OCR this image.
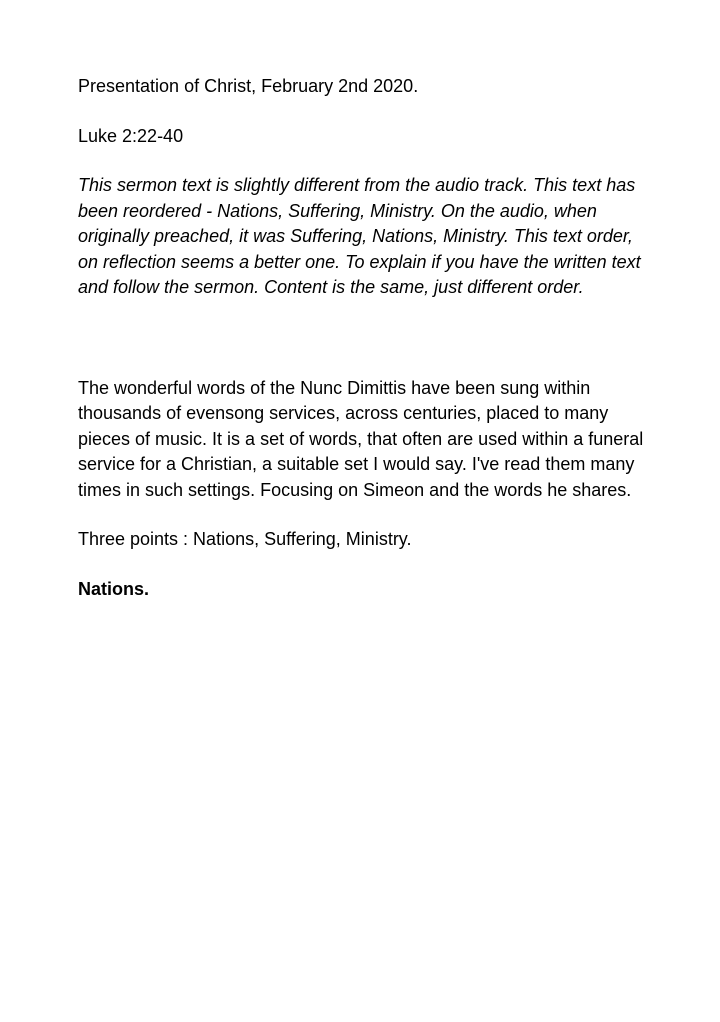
Presentation of Christ, February 2nd 2020.

Luke 2:22-40

This sermon text is slightly different from the audio track. This text has been reordered - Nations, Suffering, Ministry. On the audio, when originally preached, it was Suffering, Nations, Ministry. This text order, on reflection seems a better one. To explain if you have the written text and follow the sermon. Content is the same, just different order.

The wonderful words of the Nunc Dimittis have been sung within thousands of evensong services, across centuries, placed to many pieces of music. It is a set of words, that often are used within a funeral service for a Christian, a suitable set I would say. I've read them many times in such settings. Focusing on Simeon and the words he shares.

Three points : Nations, Suffering, Ministry.

Nations.
